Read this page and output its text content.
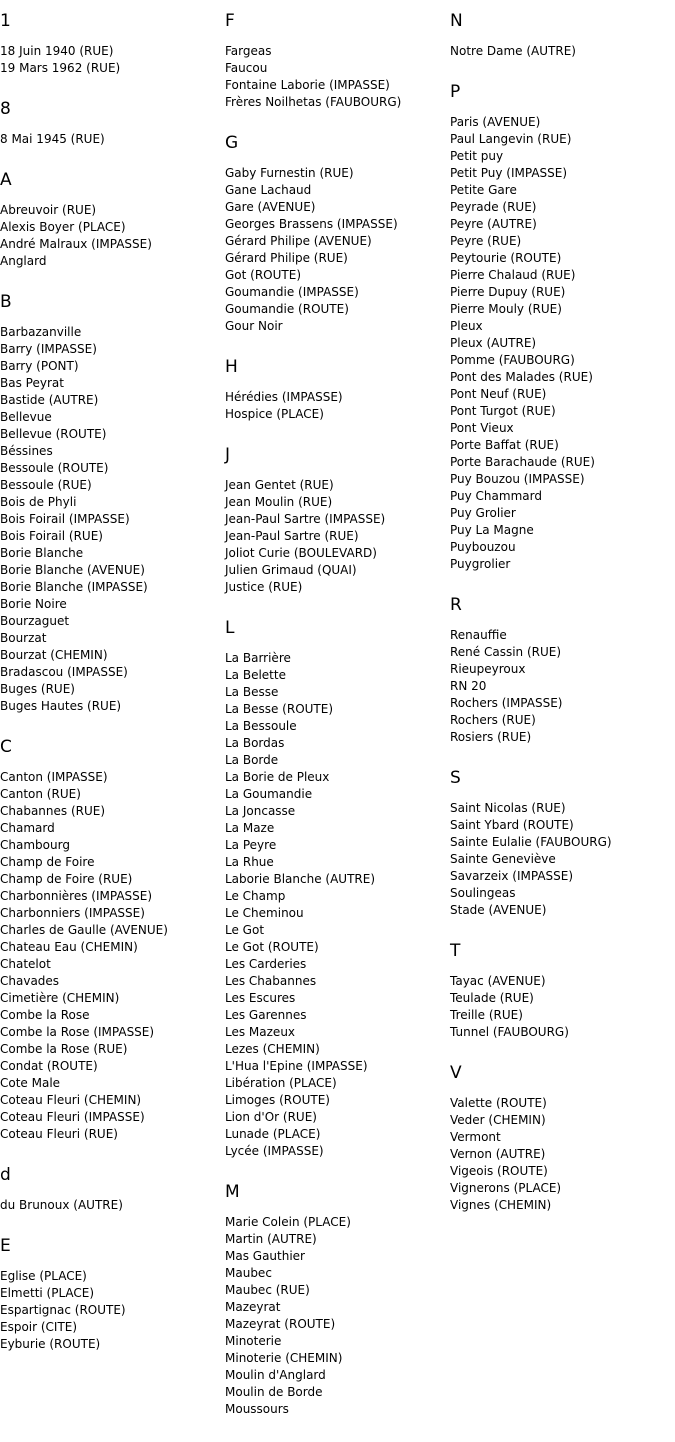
1
18 Juin 1940 (RUE)
19 Mars 1962 (RUE)
8
8 Mai 1945 (RUE)
A
Abreuvoir (RUE)
Alexis Boyer (PLACE)
André Malraux (IMPASSE)
Anglard
B
Barbazanville
Barry (IMPASSE)
Barry (PONT)
Bas Peyrat
Bastide (AUTRE)
Bellevue
Bellevue (ROUTE)
Béssines
Bessoule (ROUTE)
Bessoule (RUE)
Bois de Phyli
Bois Foirail (IMPASSE)
Bois Foirail (RUE)
Borie Blanche
Borie Blanche (AVENUE)
Borie Blanche (IMPASSE)
Borie Noire
Bourzaguet
Bourzat
Bourzat (CHEMIN)
Bradascou (IMPASSE)
Buges (RUE)
Buges Hautes (RUE)
C
Canton (IMPASSE)
Canton (RUE)
Chabannes (RUE)
Chamard
Chambourg
Champ de Foire
Champ de Foire (RUE)
Charbonnières (IMPASSE)
Charbonniers (IMPASSE)
Charles de Gaulle (AVENUE)
Chateau Eau (CHEMIN)
Chatelot
Chavades
Cimetière (CHEMIN)
Combe la Rose
Combe la Rose (IMPASSE)
Combe la Rose (RUE)
Condat (ROUTE)
Cote Male
Coteau Fleuri (CHEMIN)
Coteau Fleuri (IMPASSE)
Coteau Fleuri (RUE)
d
du Brunoux (AUTRE)
E
Eglise (PLACE)
Elmetti (PLACE)
Espartignac (ROUTE)
Espoir (CITE)
Eyburie (ROUTE)
F
Fargeas
Faucou
Fontaine Laborie (IMPASSE)
Frères Noilhetas (FAUBOURG)
G
Gaby Furnestin (RUE)
Gane Lachaud
Gare (AVENUE)
Georges Brassens (IMPASSE)
Gérard Philipe (AVENUE)
Gérard Philipe (RUE)
Got (ROUTE)
Goumandie (IMPASSE)
Goumandie (ROUTE)
Gour Noir
H
Hérédies (IMPASSE)
Hospice (PLACE)
J
Jean Gentet (RUE)
Jean Moulin (RUE)
Jean-Paul Sartre (IMPASSE)
Jean-Paul Sartre (RUE)
Joliot Curie (BOULEVARD)
Julien Grimaud (QUAI)
Justice (RUE)
L
La Barrière
La Belette
La Besse
La Besse (ROUTE)
La Bessoule
La Bordas
La Borde
La Borie de Pleux
La Goumandie
La Joncasse
La Maze
La Peyre
La Rhue
Laborie Blanche (AUTRE)
Le Champ
Le Cheminou
Le Got
Le Got (ROUTE)
Les Carderies
Les Chabannes
Les Escures
Les Garennes
Les Mazeux
Lezes (CHEMIN)
L'Hua l'Epine (IMPASSE)
Libération (PLACE)
Limoges (ROUTE)
Lion d'Or (RUE)
Lunade (PLACE)
Lycée (IMPASSE)
M
Marie Colein (PLACE)
Martin (AUTRE)
Mas Gauthier
Maubec
Maubec (RUE)
Mazeyrat
Mazeyrat (ROUTE)
Minoterie
Minoterie (CHEMIN)
Moulin d'Anglard
Moulin de Borde
Moussours
N
Notre Dame (AUTRE)
P
Paris (AVENUE)
Paul Langevin (RUE)
Petit puy
Petit Puy (IMPASSE)
Petite Gare
Peyrade (RUE)
Peyre (AUTRE)
Peyre (RUE)
Peytourie (ROUTE)
Pierre Chalaud (RUE)
Pierre Dupuy (RUE)
Pierre Mouly (RUE)
Pleux
Pleux (AUTRE)
Pomme (FAUBOURG)
Pont des Malades (RUE)
Pont Neuf (RUE)
Pont Turgot (RUE)
Pont Vieux
Porte Baffat (RUE)
Porte Barachaude (RUE)
Puy Bouzou (IMPASSE)
Puy Chammard
Puy Grolier
Puy La Magne
Puybouzou
Puygrolier
R
Renauffie
René Cassin (RUE)
Rieupeyroux
RN 20
Rochers (IMPASSE)
Rochers (RUE)
Rosiers (RUE)
S
Saint Nicolas (RUE)
Saint Ybard (ROUTE)
Sainte Eulalie (FAUBOURG)
Sainte Geneviève
Savarzeix (IMPASSE)
Soulingeas
Stade (AVENUE)
T
Tayac (AVENUE)
Teulade (RUE)
Treille (RUE)
Tunnel (FAUBOURG)
V
Valette (ROUTE)
Veder (CHEMIN)
Vermont
Vernon (AUTRE)
Vigeois (ROUTE)
Vignerons (PLACE)
Vignes (CHEMIN)
